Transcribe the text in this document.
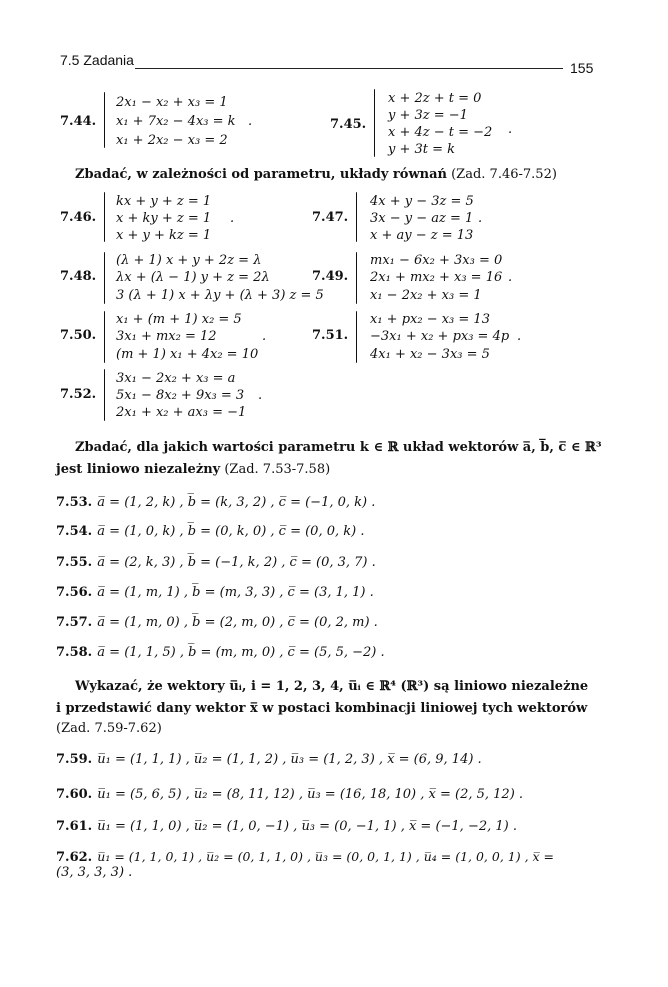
7.5 Zadania	155
7.44.
2x₁ − x₂ + x₃ = 1
x₁ + 7x₂ − 4x₃ = k
x₁ + 2x₂ − x₃ = 2
.	7.45.
x + 2z + t = 0
y + 3z = −1
x + 4z − t = −2
y + 3t = k
.
Zbadać, w zależności od parametru, układy równań (Zad. 7.46-7.52)
7.46.
kx + y + z = 1
x + ky + z = 1
x + y + kz = 1
.	7.47.
4x + y − 3z = 5
3x − y − az = 1
x + ay − z = 13
.
7.48.
(λ + 1) x + y + 2z = λ
λx + (λ − 1) y + z = 2λ
3 (λ + 1) x + λy + (λ + 3) z = 5
7.49.
mx₁ − 6x₂ + 3x₃ = 0
2x₁ + mx₂ + x₃ = 16
x₁ − 2x₂ + x₃ = 1
.
7.50.
x₁ + (m + 1) x₂ = 5
3x₁ + mx₂ = 12
(m + 1) x₁ + 4x₂ = 10
.	7.51.
x₁ + px₂ − x₃ = 13
−3x₁ + x₂ + px₃ = 4p
4x₁ + x₂ − 3x₃ = 5
.
7.52.
3x₁ − 2x₂ + x₃ = a
5x₁ − 8x₂ + 9x₃ = 3
2x₁ + x₂ + ax₃ = −1
.
Zbadać, dla jakich wartości parametru k ∈ ℝ układ wektorów a̅, b̅, c̅ ∈ ℝ³
jest liniowo niezależny (Zad. 7.53-7.58)
7.53. a̅ = (1, 2, k) , b̅ = (k, 3, 2) , c̅ = (−1, 0, k) .
7.54. a̅ = (1, 0, k) , b̅ = (0, k, 0) , c̅ = (0, 0, k) .
7.55. a̅ = (2, k, 3) , b̅ = (−1, k, 2) , c̅ = (0, 3, 7) .
7.56. a̅ = (1, m, 1) , b̅ = (m, 3, 3) , c̅ = (3, 1, 1) .
7.57. a̅ = (1, m, 0) , b̅ = (2, m, 0) , c̅ = (0, 2, m) .
7.58. a̅ = (1, 1, 5) , b̅ = (m, m, 0) , c̅ = (5, 5, −2) .
Wykazać, że wektory u̅ᵢ, i = 1, 2, 3, 4, u̅ᵢ ∈ ℝ⁴ (ℝ³) są liniowo niezależne
i przedstawić dany wektor x̅ w postaci kombinacji liniowej tych wektorów
(Zad. 7.59-7.62)
7.59. u̅₁ = (1, 1, 1) , u̅₂ = (1, 1, 2) , u̅₃ = (1, 2, 3) , x̅ = (6, 9, 14) .
7.60. u̅₁ = (5, 6, 5) , u̅₂ = (8, 11, 12) , u̅₃ = (16, 18, 10) , x̅ = (2, 5, 12) .
7.61. u̅₁ = (1, 1, 0) , u̅₂ = (1, 0, −1) , u̅₃ = (0, −1, 1) , x̅ = (−1, −2, 1) .
7.62. u̅₁ = (1, 1, 0, 1) , u̅₂ = (0, 1, 1, 0) , u̅₃ = (0, 0, 1, 1) , u̅₄ = (1, 0, 0, 1) , x̅ =
(3, 3, 3, 3) .
